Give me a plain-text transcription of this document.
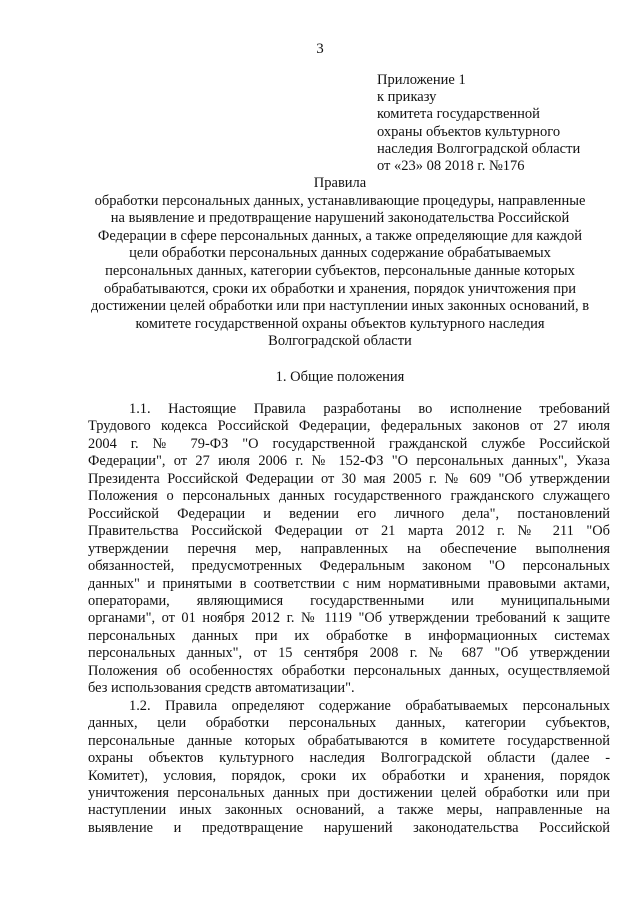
3
Приложение 1
к приказу
комитета государственной
охраны объектов культурного
наследия Волгоградской области
от «23» 08 2018 г. №176
Правила
обработки персональных данных, устанавливающие процедуры, направленные
на выявление и предотвращение нарушений законодательства Российской
Федерации в сфере персональных данных, а также определяющие для каждой
цели обработки персональных данных содержание обрабатываемых
персональных данных, категории субъектов, персональные данные которых
обрабатываются, сроки их обработки и хранения, порядок уничтожения при
достижении целей обработки или при наступлении иных законных оснований, в
комитете государственной охраны объектов культурного наследия
Волгоградской области
1. Общие положения
1.1. Настоящие Правила разработаны во исполнение требований
Трудового кодекса Российской Федерации, федеральных законов от 27 июля
2004 г. № 79-ФЗ "О государственной гражданской службе Российской
Федерации", от 27 июля 2006 г. № 152-ФЗ "О персональных данных", Указа
Президента Российской Федерации от 30 мая 2005 г. № 609 "Об утверждении
Положения о персональных данных государственного гражданского служащего
Российской Федерации и ведении его личного дела", постановлений
Правительства Российской Федерации от 21 марта 2012 г. № 211 "Об
утверждении перечня мер, направленных на обеспечение выполнения
обязанностей, предусмотренных Федеральным законом "О персональных
данных" и принятыми в соответствии с ним нормативными правовыми актами,
операторами, являющимися государственными или муниципальными
органами", от 01 ноября 2012 г. № 1119 "Об утверждении требований к защите
персональных данных при их обработке в информационных системах
персональных данных", от 15 сентября 2008 г. № 687 "Об утверждении
Положения об особенностях обработки персональных данных, осуществляемой
без использования средств автоматизации".
1.2. Правила определяют содержание обрабатываемых персональных
данных, цели обработки персональных данных, категории субъектов,
персональные данные которых обрабатываются в комитете государственной
охраны объектов культурного наследия Волгоградской области (далее -
Комитет), условия, порядок, сроки их обработки и хранения, порядок
уничтожения персональных данных при достижении целей обработки или при
наступлении иных законных оснований, а также меры, направленные на
выявление и предотвращение нарушений законодательства Российской
